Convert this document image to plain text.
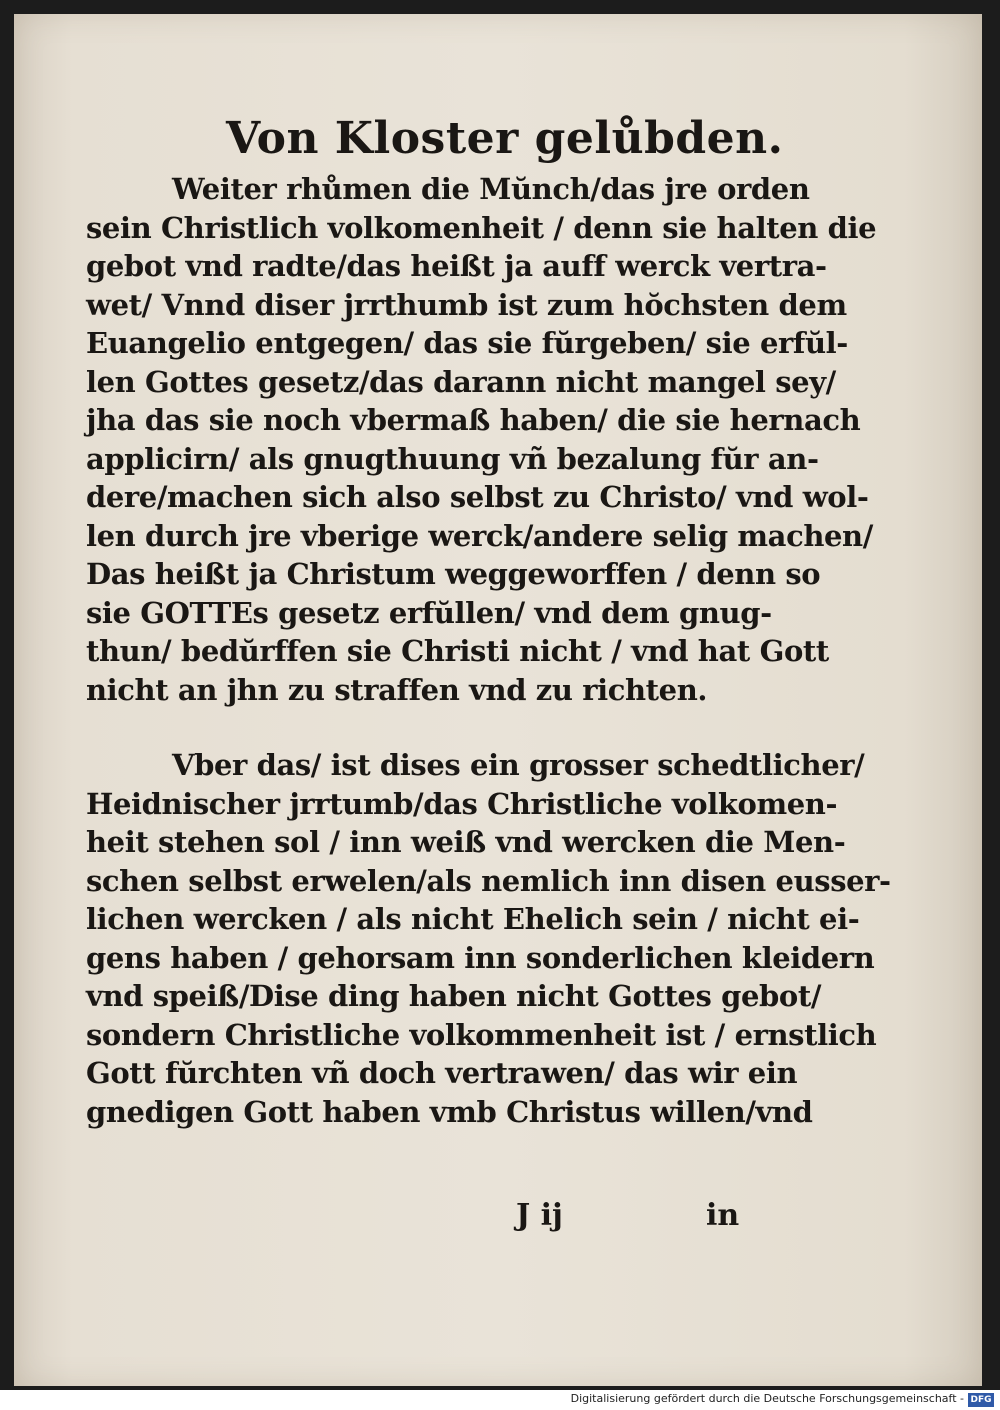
Von Kloster gelůbden.
Weiter rhůmen die Mŭnch/das jre orden
sein Christlich volkomenheit / denn sie halten die
gebot vnd radte/das heißt ja auff werck vertra-
wet/ Vnnd diser jrrthumb ist zum hŏchsten dem
Euangelio entgegen/ das sie fŭrgeben/ sie erfŭl-
len Gottes gesetz/das darann nicht mangel sey/
jha das sie noch vbermaß haben/ die sie hernach
applicirn/ als gnugthuung vñ bezalung fŭr an-
dere/machen sich also selbst zu Christo/ vnd wol-
len durch jre vberige werck/andere selig machen/
Das heißt ja Christum weggeworffen / denn so
sie GOTTEs gesetz erfŭllen/ vnd dem gnug-
thun/ bedŭrffen sie Christi nicht / vnd hat Gott
nicht an jhn zu straffen vnd zu richten.
Vber das/ ist dises ein grosser schedtlicher/
Heidnischer jrrtumb/das Christliche volkomen-
heit stehen sol / inn weiß vnd wercken die Men-
schen selbst erwelen/als nemlich inn disen eusser-
lichen wercken / als nicht Ehelich sein / nicht ei-
gens haben / gehorsam inn sonderlichen kleidern
vnd speiß/Dise ding haben nicht Gottes gebot/
sondern Christliche volkommenheit ist / ernstlich
Gott fŭrchten vñ doch vertrawen/ das wir ein
gnedigen Gott haben vmb Christus willen/vnd
J ij	in
Digitalisierung gefördert durch die Deutsche Forschungsgemeinschaft - DFG
